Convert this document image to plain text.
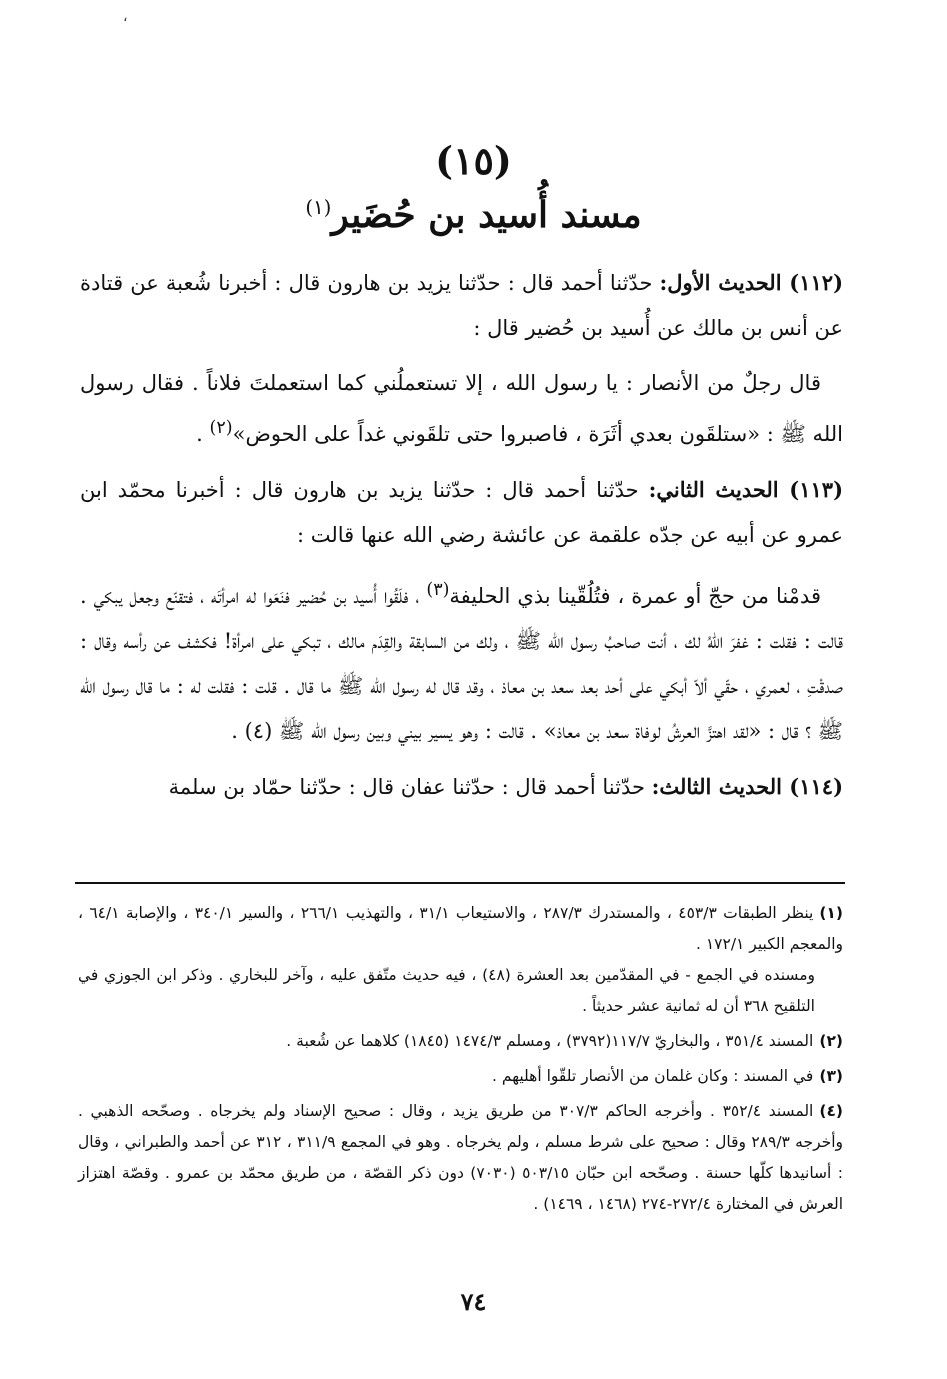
،
(١٥)
مسند أُسيد بن حُضَير$^{(١)}$

(١١٢) الحديث الأول: حدّثنا أحمد قال : حدّثنا يزيد بن هارون قال : أخبرنا شُعبة عن قتادة عن أنس بن مالك عن أُسيد بن حُضير قال :

قال رجلٌ من الأنصار : يا رسول الله ، إلا تستعملُني كما استعملتَ فلاناً . فقال رسول الله ﷺ : «ستلقَون بعدي أثَرَة ، فاصبروا حتى تلقَوني غداً على الحوض»$^{(٢)}$ .

(١١٣) الحديث الثاني: حدّثنا أحمد قال : حدّثنا يزيد بن هارون قال : أخبرنا محمّد ابن عمرو عن أبيه عن جدّه علقمة عن عائشة رضي الله عنها قالت :

قدمْنا من حجّ أو عمرة ، فتُلُقّينا بذي الحليفة$^{(٣)}$ ، فلَقُوا أُسيد بن حُضير فنَعَوا له امرأتَه ، فتقنّع وجعل يبكي . قالت : فقلت : غفرَ اللهُ لك ، أنت صاحبُ رسول الله ﷺ ، ولك من السابقة والقِدَم مالك ، تبكي على امرأة! فكشف عن رأسه وقال : صدقْتِ ، لعمري ، حقّي ألاّ أبكي على أحد بعد سعد بن معاذ ، وقد قال له رسول الله ﷺ ما قال . قلت : فقلت له : ما قال رسول الله ﷺ ؟ قال : «لقد اهتزَّ العرشُ لوفاة سعد بن معاذ» . قالت : وهو يسير بيني وبين رسول الله ﷺ (٤) .

(١١٤) الحديث الثالث: حدّثنا أحمد قال : حدّثنا عفان قال : حدّثنا حمّاد بن سلمة

(١)ينظر الطبقات ٤٥٣/٣ ، والمستدرك ٢٨٧/٣ ، والاستيعاب ٣١/١ ، والتهذيب ٢٦٦/١ ، والسير ٣٤٠/١ ، والإصابة ٦٤/١ ، والمعجم الكبير ١٧٢/١ .
ومسنده في الجمع - في المقدّمين بعد العشرة (٤٨) ، فيه حديث متّفق عليه ، وآخر للبخاري . وذكر ابن الجوزي في التلقيح ٣٦٨ أن له ثمانية عشر حديثاً .
(٢)المسند ٣٥١/٤ ، والبخاريّ ١١٧/٧(٣٧٩٢) ، ومسلم ١٤٧٤/٣ (١٨٤٥) كلاهما عن شُعبة .
(٣)في المسند : وكان غلمان من الأنصار تلقّوا أهليهم .
(٤)المسند ٣٥٢/٤ . وأخرجه الحاكم ٣٠٧/٣ من طريق يزيد ، وقال : صحيح الإسناد ولم يخرجاه . وصحّحه الذهبي . وأخرجه ٢٨٩/٣ وقال : صحيح على شرط مسلم ، ولم يخرجاه . وهو في المجمع ٣١١/٩ ، ٣١٢ عن أحمد والطبراني ، وقال : أسانيدها كلّها حسنة . وصحّحه ابن حبّان ٥٠٣/١٥ (٧٠٣٠) دون ذكر القصّة ، من طريق محمّد بن عمرو . وقصّة اهتزاز العرش في المختارة ٢٧٢/٤-٢٧٤ (١٤٦٨ ، ١٤٦٩) .
٧٤
